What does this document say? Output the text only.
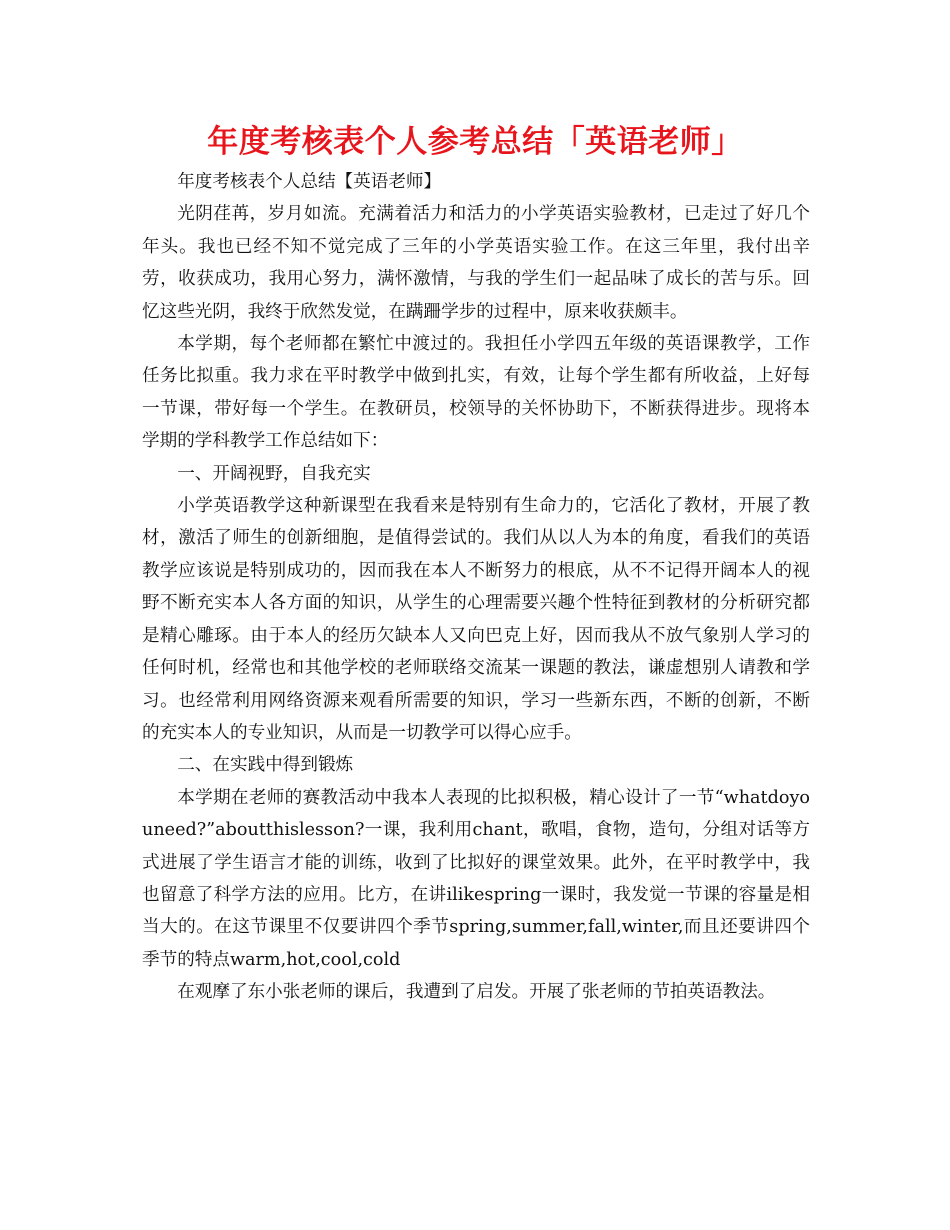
年度考核表个人参考总结「英语老师」

年度考核表个人总结【英语老师】

光阴荏苒，岁月如流。充满着活力和活力的小学英语实验教材，已走过了好几个年头。我也已经不知不觉完成了三年的小学英语实验工作。在这三年里，我付出辛劳，收获成功，我用心努力，满怀激情，与我的学生们一起品味了成长的苦与乐。回忆这些光阴，我终于欣然发觉，在蹒跚学步的过程中，原来收获颇丰。

本学期，每个老师都在繁忙中渡过的。我担任小学四五年级的英语课教学，工作任务比拟重。我力求在平时教学中做到扎实，有效，让每个学生都有所收益，上好每一节课，带好每一个学生。在教研员，校领导的关怀协助下，不断获得进步。现将本学期的学科教学工作总结如下：

一、开阔视野，自我充实

小学英语教学这种新课型在我看来是特别有生命力的，它活化了教材，开展了教材，激活了师生的创新细胞，是值得尝试的。我们从以人为本的角度，看我们的英语教学应该说是特别成功的，因而我在本人不断努力的根底，从不不记得开阔本人的视野不断充实本人各方面的知识，从学生的心理需要兴趣个性特征到教材的分析研究都是精心雕琢。由于本人的经历欠缺本人又向巴克上好，因而我从不放气象别人学习的任何时机，经常也和其他学校的老师联络交流某一课题的教法，谦虚想别人请教和学习。也经常利用网络资源来观看所需要的知识，学习一些新东西，不断的创新，不断的充实本人的专业知识，从而是一切教学可以得心应手。

二、在实践中得到锻炼

本学期在老师的赛教活动中我本人表现的比拟积极，精心设计了一节“whatdoyouneed?”aboutthislesson?一课，我利用chant，歌唱，食物，造句，分组对话等方式进展了学生语言才能的训练，收到了比拟好的课堂效果。此外，在平时教学中，我也留意了科学方法的应用。比方，在讲ilikespring一课时，我发觉一节课的容量是相当大的。在这节课里不仅要讲四个季节spring,summer,fall,winter,而且还要讲四个季节的特点warm,hot,cool,cold

在观摩了东小张老师的课后，我遭到了启发。开展了张老师的节拍英语教法。
